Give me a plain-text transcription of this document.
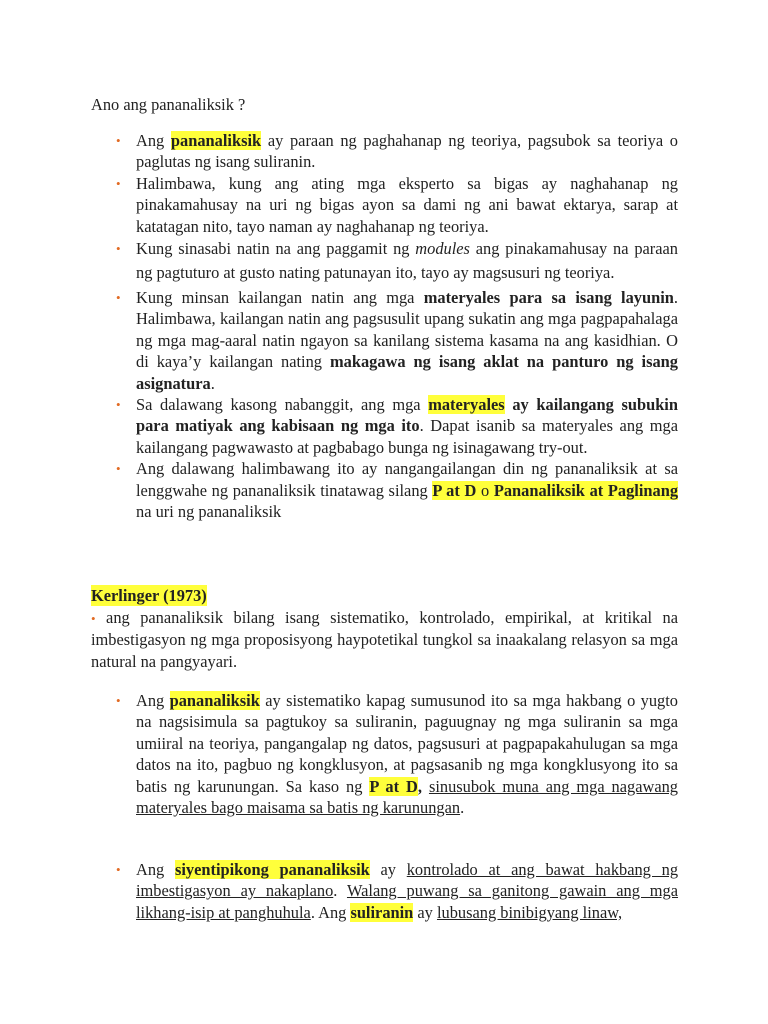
Ano ang pananaliksik ?
• Ang pananaliksik ay paraan ng paghahanap ng teoriya, pagsubok sa teoriya o paglutas ng isang suliranin.
• Halimbawa, kung ang ating mga eksperto sa bigas ay naghahanap ng pinakamahusay na uri ng bigas ayon sa dami ng ani bawat ektarya, sarap at katatagan nito, tayo naman ay naghahanap ng teoriya.
• Kung sinasabi natin na ang paggamit ng modules ang pinakamahusay na paraan ng pagtuturo at gusto nating patunayan ito, tayo ay magsusuri ng teoriya.
• Kung minsan kailangan natin ang mga materyales para sa isang layunin. Halimbawa, kailangan natin ang pagsusulit upang sukatin ang mga pagpapahalaga ng mga mag-aaral natin ngayon sa kanilang sistema kasama na ang kasidhian. O di kaya’y kailangan nating makagawa ng isang aklat na panturo ng isang asignatura.
• Sa dalawang kasong nabanggit, ang mga materyales ay kailangang subukin para matiyak ang kabisaan ng mga ito. Dapat isanib sa materyales ang mga kailangang pagwawasto at pagbabago bunga ng isinagawang try-out.
• Ang dalawang halimbawang ito ay nangangailangan din ng pananaliksik at sa lenggwahe ng pananaliksik tinatawag silang P at D o Pananaliksik at Paglinang na uri ng pananaliksik
Kerlinger (1973)
• ang pananaliksik bilang isang sistematiko, kontrolado, empirikal, at kritikal na imbestigasyon ng mga proposisyong haypotetikal tungkol sa inaakalang relasyon sa mga natural na pangyayari.
• Ang pananaliksik ay sistematiko kapag sumusunod ito sa mga hakbang o yugto na nagsisimula sa pagtukoy sa suliranin, paguugnay ng mga suliranin sa mga umiiral na teoriya, pangangalap ng datos, pagsusuri at pagpapakahulugan sa mga datos na ito, pagbuo ng kongklusyon, at pagsasanib ng mga kongklusyong ito sa batis ng karunungan. Sa kaso ng P at D, sinusubok muna ang mga nagawang materyales bago maisama sa batis ng karunungan.
• Ang siyentipikong pananaliksik ay kontrolado at ang bawat hakbang ng imbestigasyon ay nakaplano. Walang puwang sa ganitong gawain ang mga likhang-isip at panghuhula. Ang suliranin ay lubusang binibigyang linaw,
